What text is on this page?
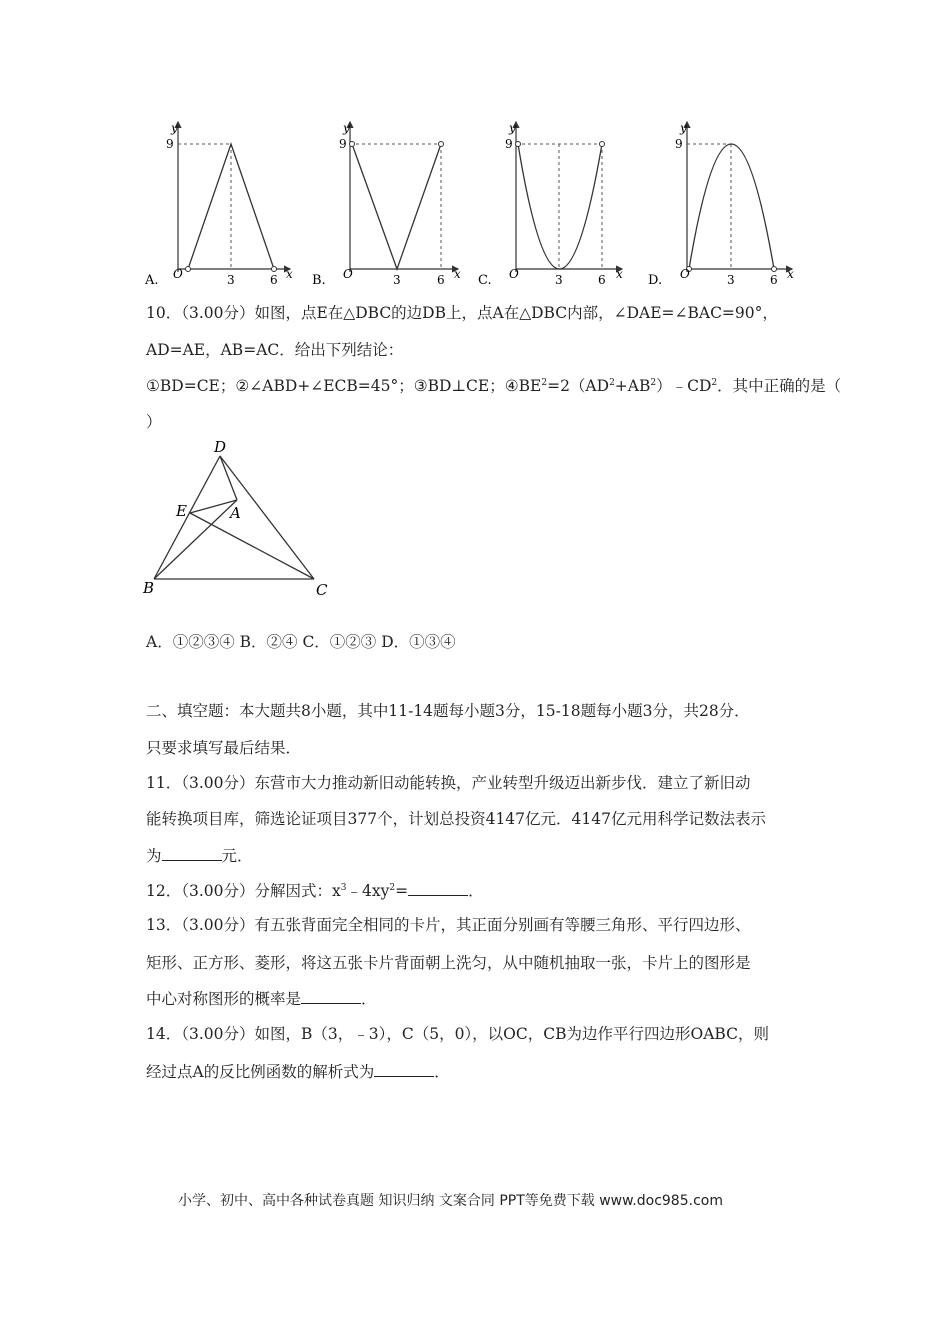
y
9
O	3	6 x
A.
y
9
O	3	6 x
B.
y
9
O	3	6 x
C.
y
9
O	3	6 x
D.
10．（3.00分）如图，点E在△DBC的边DB上，点A在△DBC内部，∠DAE=∠BAC=90°，
AD=AE，AB=AC．给出下列结论：
①BD=CE；②∠ABD+∠ECB=45°；③BD⊥CE；$④BE^2=2(AD^2+AB^2)﹣CD^2$．其中正确的是（
）
D
E	A
B	C
A．①②③④ B．②④ C．①②③ D．①③④
二、填空题：本大题共8小题，其中11-14题每小题3分，15-18题每小题3分，共28分．
只要求填写最后结果．
11．（3.00分）东营市大力推动新旧动能转换，产业转型升级迈出新步伐．建立了新旧动
能转换项目库，筛选论证项目377个，计划总投资4147亿元．4147亿元用科学记数法表示
为	元．
12．（3.00分）分解因式：$x^3﹣4xy^2=$	．
13．（3.00分）有五张背面完全相同的卡片，其正面分别画有等腰三角形、平行四边形、
矩形、正方形、菱形，将这五张卡片背面朝上洗匀，从中随机抽取一张，卡片上的图形是
中心对称图形的概率是	．
14．（3.00分）如图，B（3，﹣3），C（5，0），以OC，CB为边作平行四边形OABC，则
经过点A的反比例函数的解析式为	．
小学、初中、高中各种试卷真题 知识归纳 文案合同 PPT等免费下载 www.doc985.com
